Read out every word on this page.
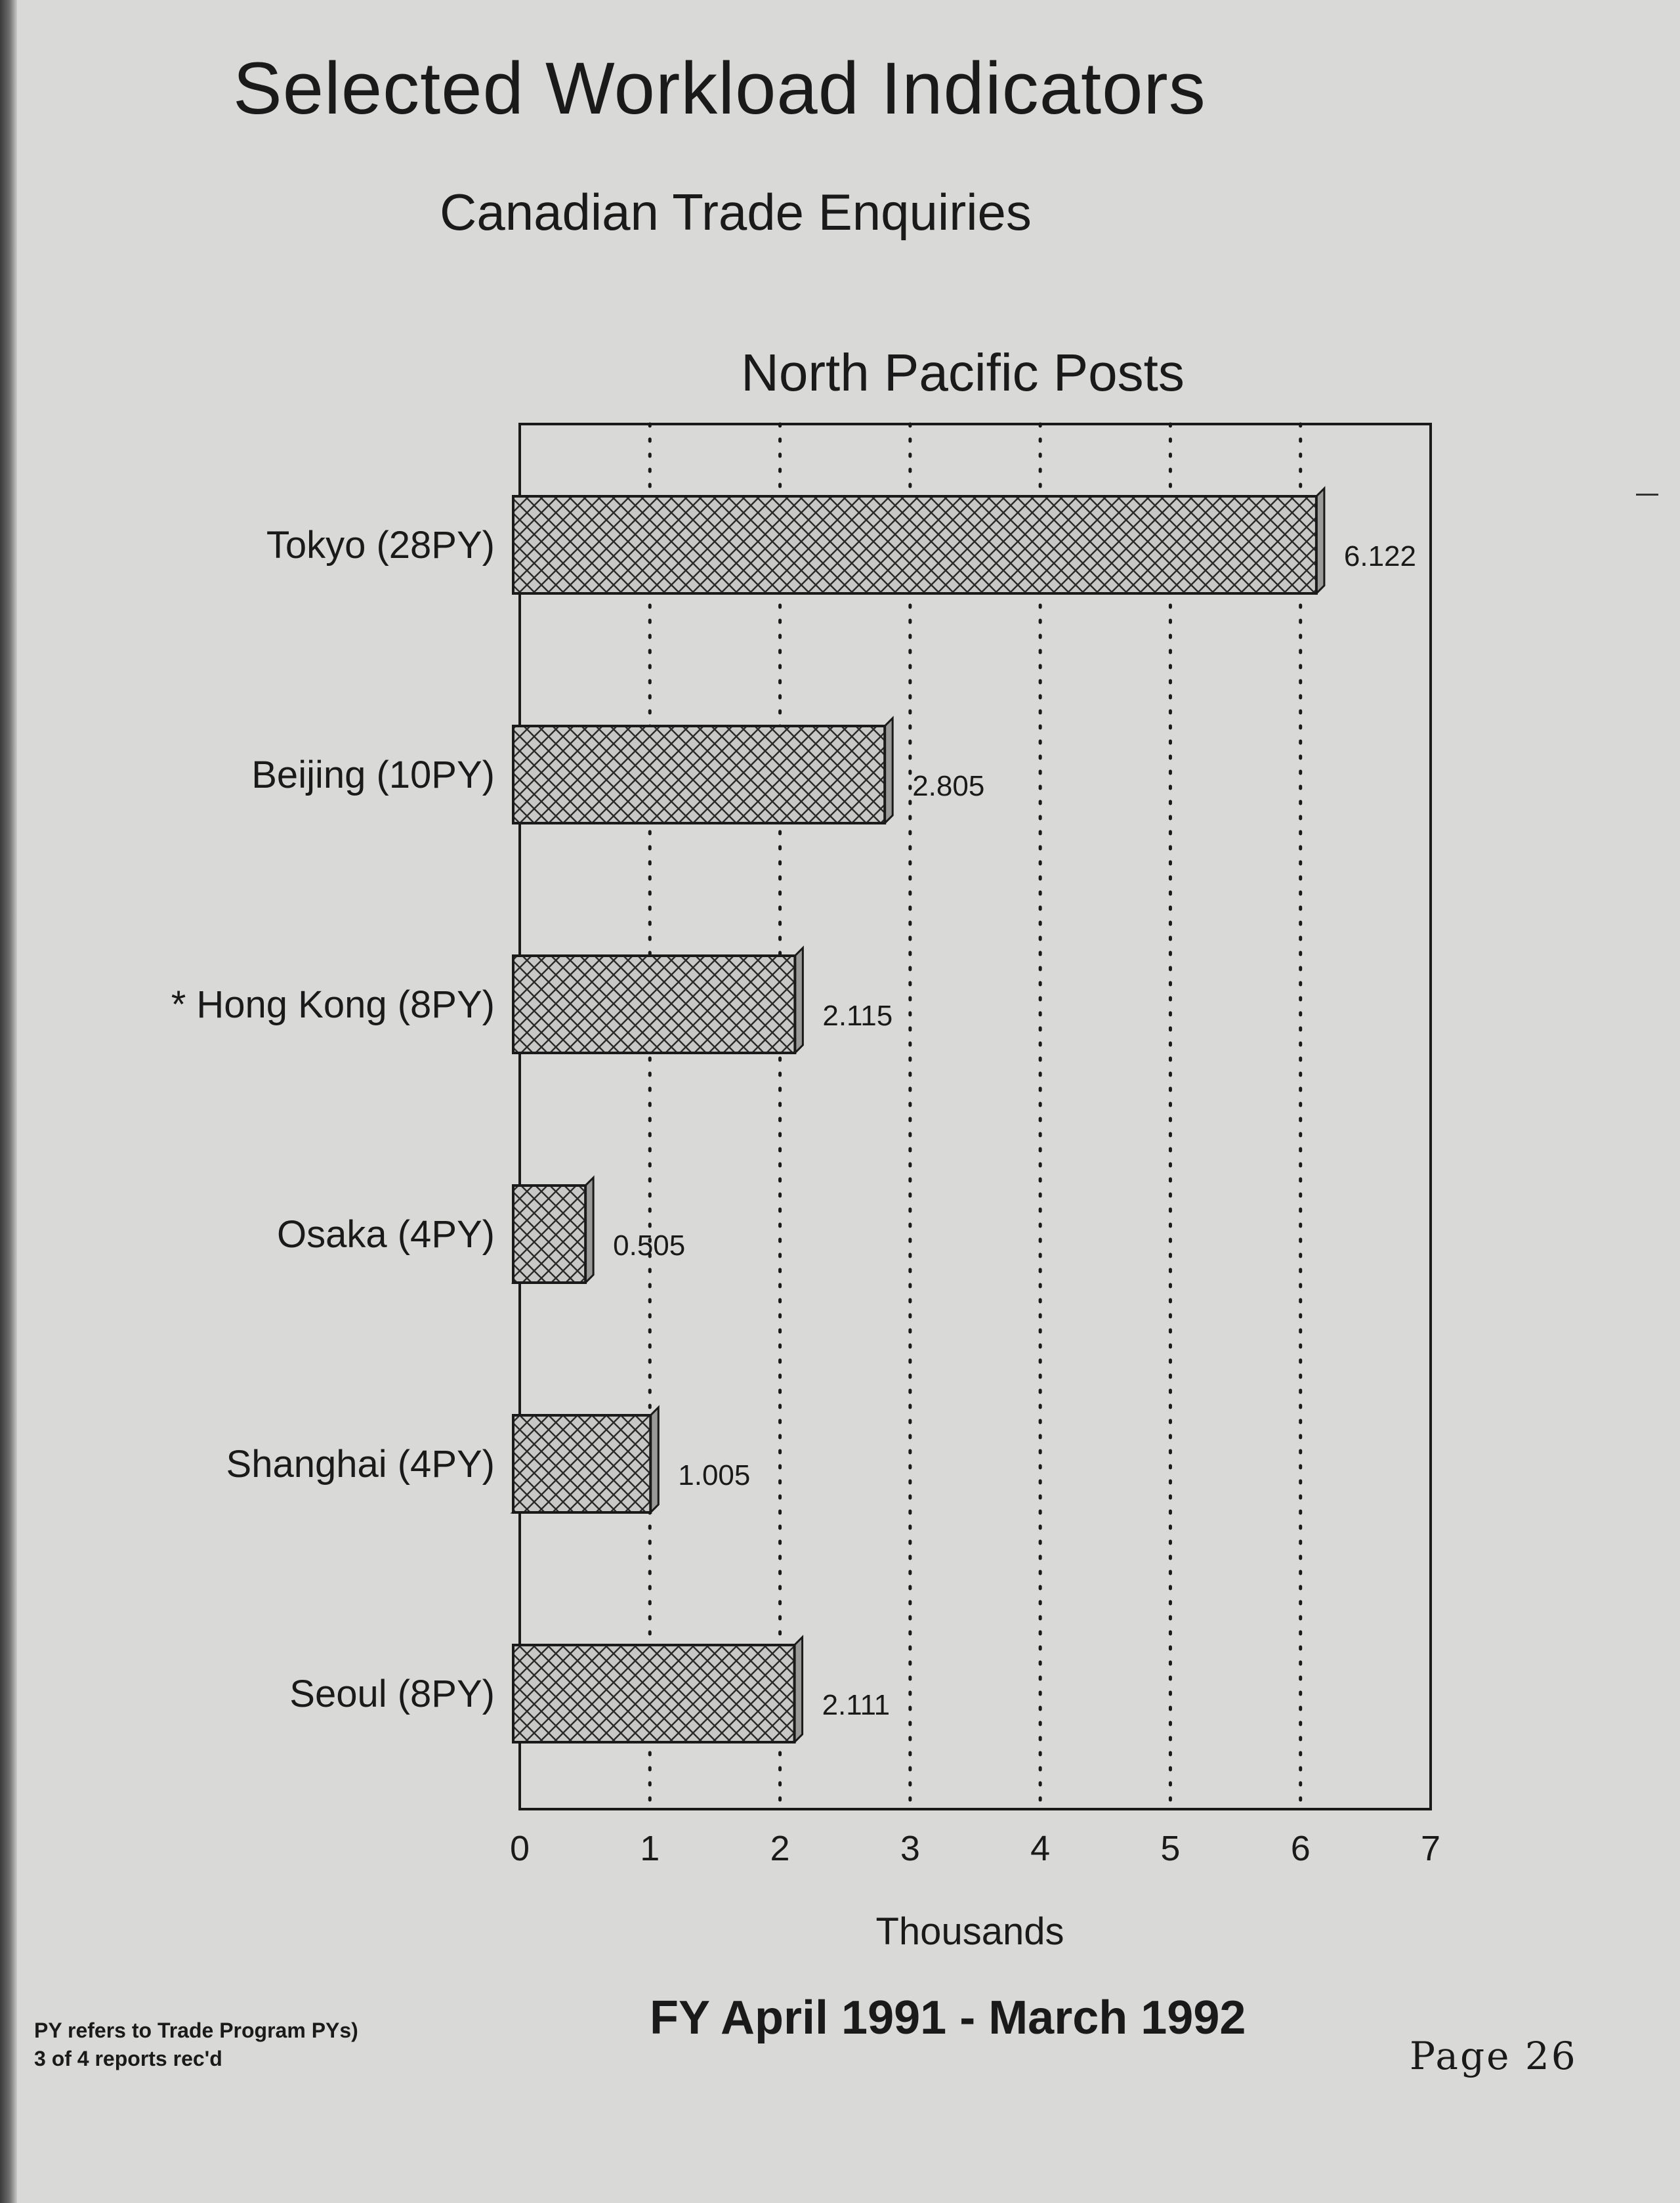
Selected Workload Indicators
Canadian Trade Enquiries
North Pacific Posts
Tokyo (28PY)
Beijing (10PY)
* Hong Kong (8PY)
Osaka (4PY)
Shanghai (4PY)
Seoul (8PY)
6.122
2.805
2.115
0.505
1.005
2.111
0	1	2	3	4	5	6	7
Thousands
FY April 1991 - March 1992
Page 26
PY refers to Trade Program PYs)
3 of 4 reports rec'd
